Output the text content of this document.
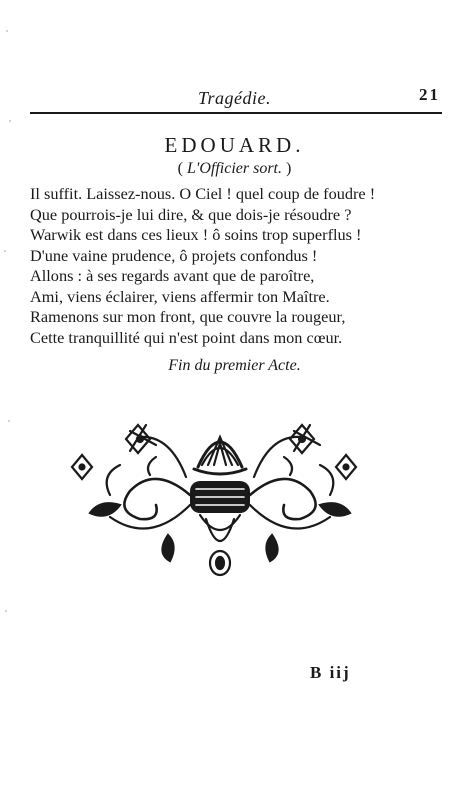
Tragédie.	21
EDOUARD.
( L'Officier sort. )
Il suffit. Laissez-nous. O Ciel ! quel coup de foudre !
Que pourrois-je lui dire, & que dois-je résoudre ?
Warwik est dans ces lieux ! ô soins trop superflus !
D'une vaine prudence, ô projets confondus !
Allons : à ses regards avant que de paroître,
Ami, viens éclairer, viens affermir ton Maître.
Ramenons sur mon front, que couvre la rougeur,
Cette tranquillité qui n'est point dans mon cœur.
Fin du premier Acte.
B iij
